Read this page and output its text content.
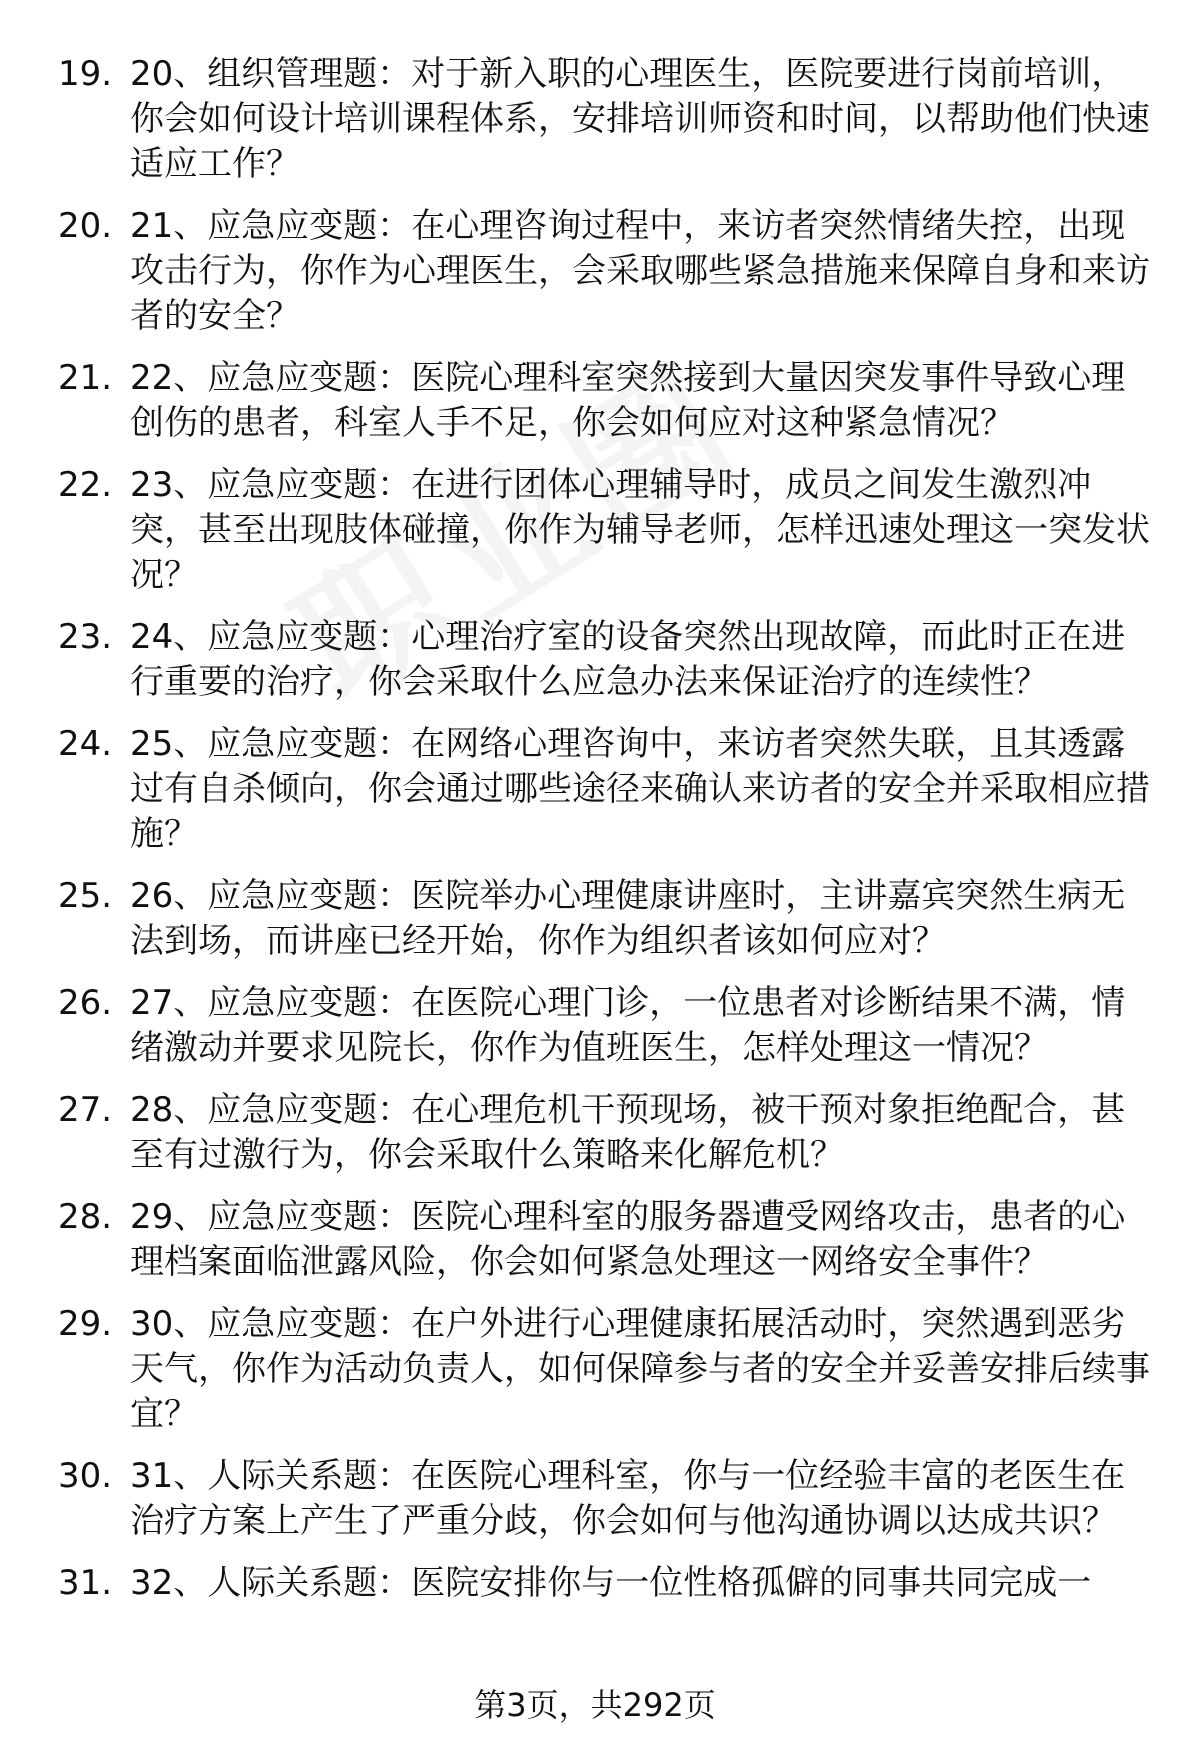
19. 20、组织管理题：对于新入职的心理医生，医院要进行岗前培训，你会如何设计培训课程体系，安排培训师资和时间，以帮助他们快速适应工作？
20. 21、应急应变题：在心理咨询过程中，来访者突然情绪失控，出现攻击行为，你作为心理医生，会采取哪些紧急措施来保障自身和来访者的安全？
21. 22、应急应变题：医院心理科室突然接到大量因突发事件导致心理创伤的患者，科室人手不足，你会如何应对这种紧急情况？
22. 23、应急应变题：在进行团体心理辅导时，成员之间发生激烈冲突，甚至出现肢体碰撞，你作为辅导老师，怎样迅速处理这一突发状况？
23. 24、应急应变题：心理治疗室的设备突然出现故障，而此时正在进行重要的治疗，你会采取什么应急办法来保证治疗的连续性？
24. 25、应急应变题：在网络心理咨询中，来访者突然失联，且其透露过有自杀倾向，你会通过哪些途径来确认来访者的安全并采取相应措施？
25. 26、应急应变题：医院举办心理健康讲座时，主讲嘉宾突然生病无法到场，而讲座已经开始，你作为组织者该如何应对？
26. 27、应急应变题：在医院心理门诊，一位患者对诊断结果不满，情绪激动并要求见院长，你作为值班医生，怎样处理这一情况？
27. 28、应急应变题：在心理危机干预现场，被干预对象拒绝配合，甚至有过激行为，你会采取什么策略来化解危机？
28. 29、应急应变题：医院心理科室的服务器遭受网络攻击，患者的心理档案面临泄露风险，你会如何紧急处理这一网络安全事件？
29. 30、应急应变题：在户外进行心理健康拓展活动时，突然遇到恶劣天气，你作为活动负责人，如何保障参与者的安全并妥善安排后续事宜？
30. 31、人际关系题：在医院心理科室，你与一位经验丰富的老医生在治疗方案上产生了严重分歧，你会如何与他沟通协调以达成共识？
31. 32、人际关系题：医院安排你与一位性格孤僻的同事共同完成一
第3页，共292页
